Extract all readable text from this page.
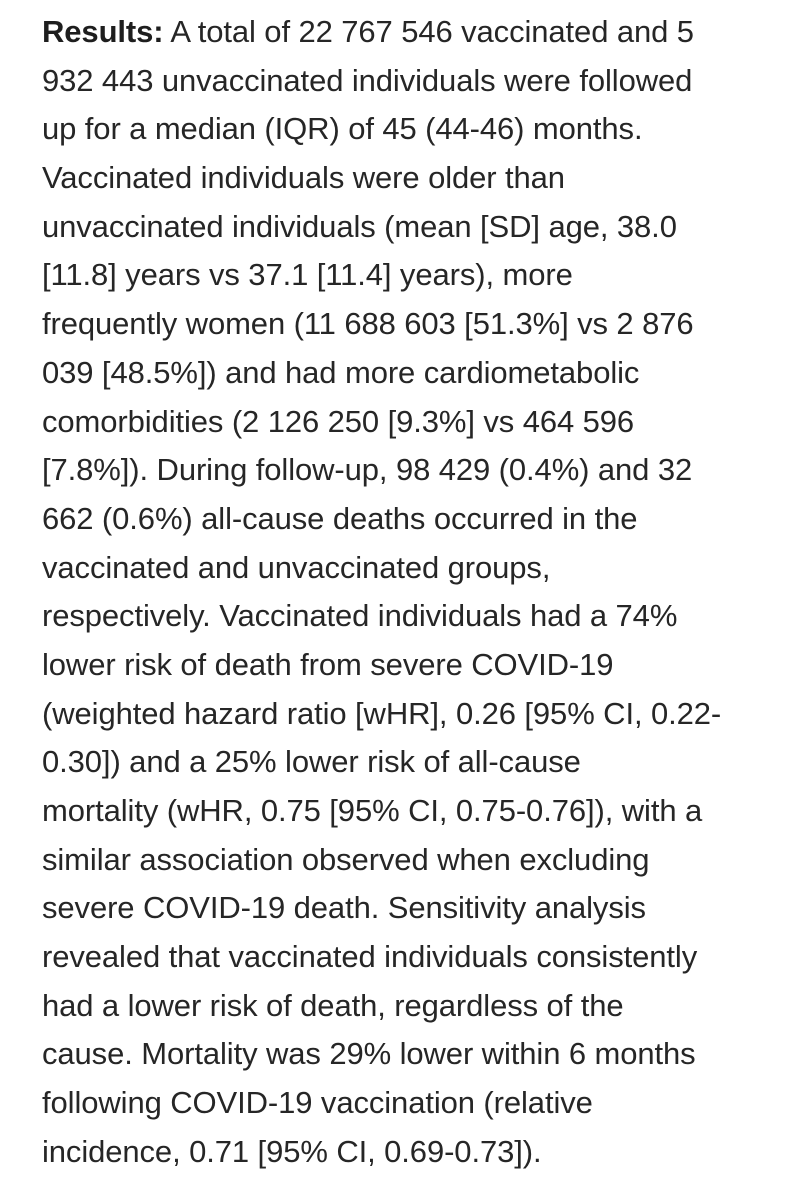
Results: A total of 22 767 546 vaccinated and 5
932 443 unvaccinated individuals were followed
up for a median (IQR) of 45 (44-46) months.
Vaccinated individuals were older than
unvaccinated individuals (mean [SD] age, 38.0
[11.8] years vs 37.1 [11.4] years), more
frequently women (11 688 603 [51.3%] vs 2 876
039 [48.5%]) and had more cardiometabolic
comorbidities (2 126 250 [9.3%] vs 464 596
[7.8%]). During follow-up, 98 429 (0.4%) and 32
662 (0.6%) all-cause deaths occurred in the
vaccinated and unvaccinated groups,
respectively. Vaccinated individuals had a 74%
lower risk of death from severe COVID-19
(weighted hazard ratio [wHR], 0.26 [95% CI, 0.22-
0.30]) and a 25% lower risk of all-cause
mortality (wHR, 0.75 [95% CI, 0.75-0.76]), with a
similar association observed when excluding
severe COVID-19 death. Sensitivity analysis
revealed that vaccinated individuals consistently
had a lower risk of death, regardless of the
cause. Mortality was 29% lower within 6 months
following COVID-19 vaccination (relative
incidence, 0.71 [95% CI, 0.69-0.73]).
